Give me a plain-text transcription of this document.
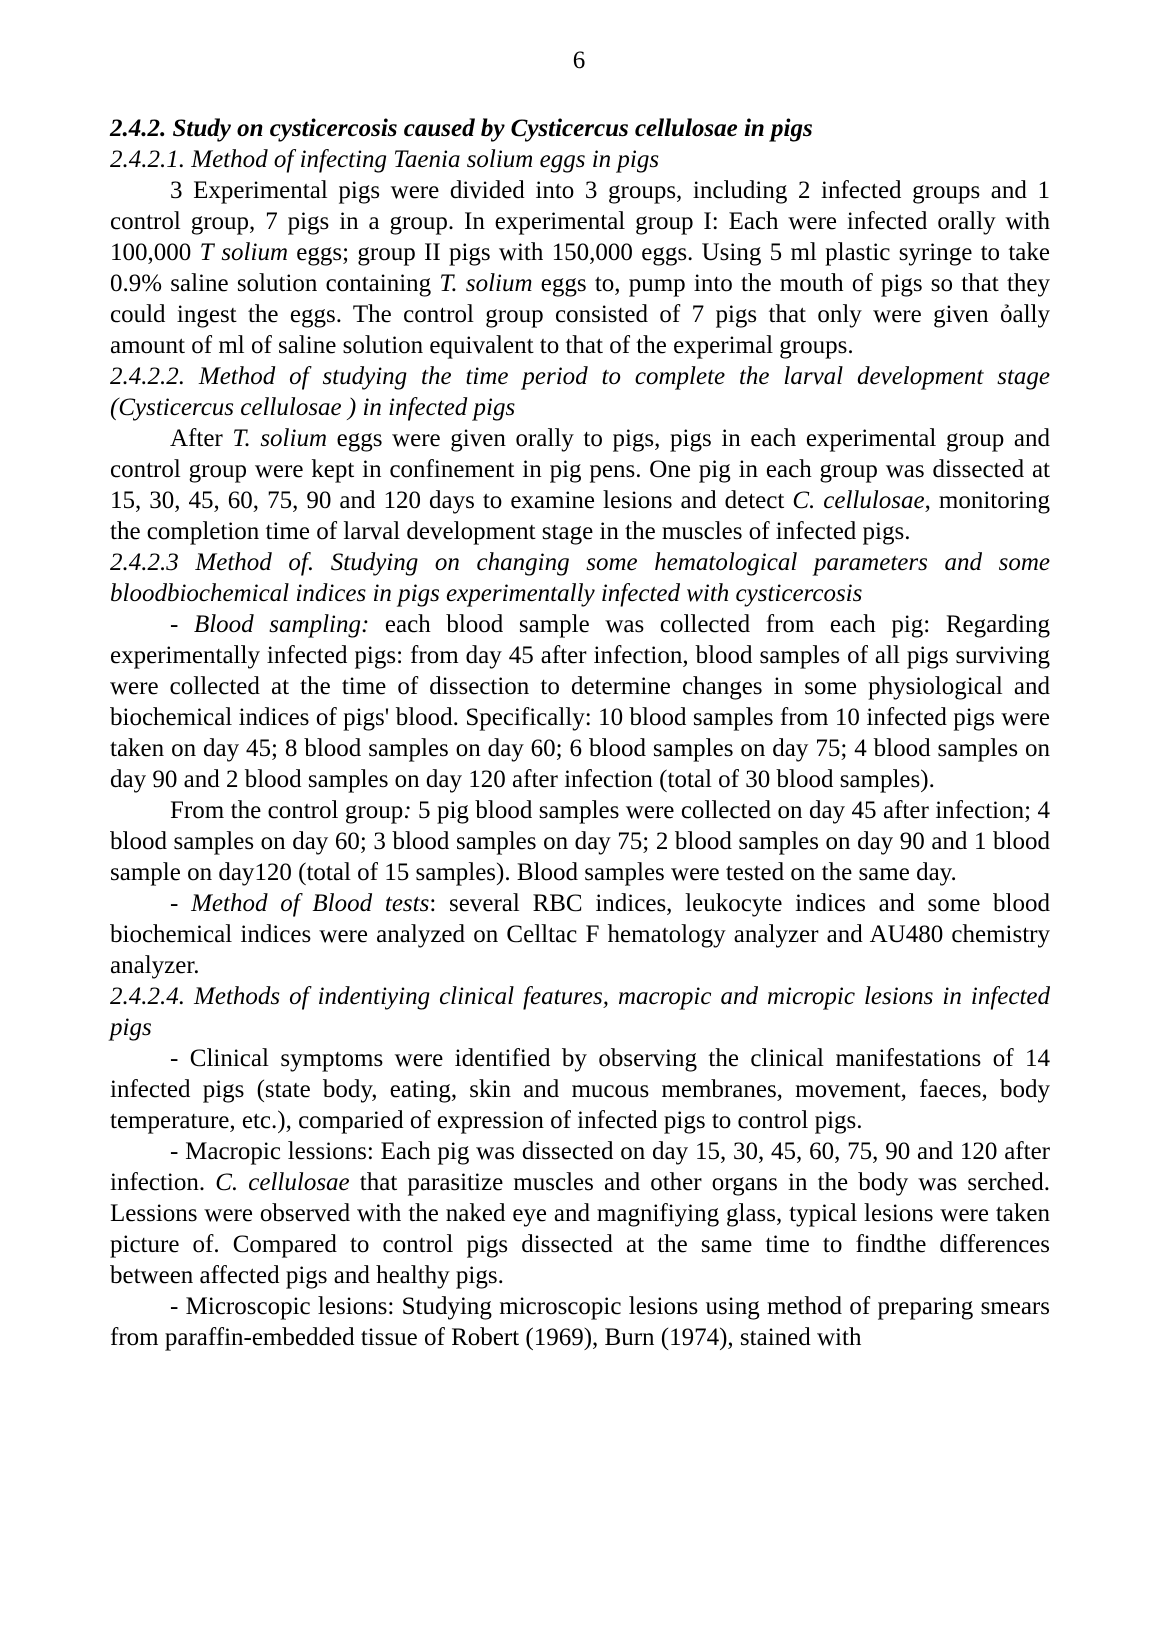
6

2.4.2. Study on cysticercosis caused by Cysticercus cellulosae in pigs

2.4.2.1. Method of infecting Taenia solium eggs in pigs

3 Experimental pigs were divided into 3 groups, including 2 infected groups and 1 control group, 7 pigs in a group. In experimental group I: Each were infected orally with 100,000 T solium eggs; group II pigs with 150,000 eggs. Using 5 ml plastic syringe to take 0.9% saline solution containing T. solium eggs to, pump into the mouth of pigs so that they could ingest the eggs. The control group consisted of 7 pigs that only were given ỏally amount of ml of saline solution equivalent to that of the experimal groups.

2.4.2.2. Method of studying the time period to complete the larval development stage (Cysticercus cellulosae ) in infected pigs

After T. solium eggs were given orally to pigs, pigs in each experimental group and control group were kept in confinement in pig pens. One pig in each group was dissected at 15, 30, 45, 60, 75, 90 and 120 days to examine lesions and detect C. cellulosae, monitoring the completion time of larval development stage in the muscles of infected pigs.

2.4.2.3 Method of. Studying on changing some hematological parameters and some bloodbiochemical indices in pigs experimentally infected with cysticercosis

- Blood sampling: each blood sample was collected from each pig: Regarding experimentally infected pigs: from day 45 after infection, blood samples of all pigs surviving were collected at the time of dissection to determine changes in some physiological and biochemical indices of pigs' blood. Specifically: 10 blood samples from 10 infected pigs were taken on day 45; 8 blood samples on day 60; 6 blood samples on day 75; 4 blood samples on day 90 and 2 blood samples on day 120 after infection (total of 30 blood samples).

From the control group: 5 pig blood samples were collected on day 45 after infection; 4 blood samples on day 60; 3 blood samples on day 75; 2 blood samples on day 90 and 1 blood sample on day120 (total of 15 samples). Blood samples were tested on the same day.

- Method of Blood tests: several RBC indices, leukocyte indices and some blood biochemical indices were analyzed on Celltac F hematology analyzer and AU480 chemistry analyzer.

2.4.2.4. Methods of indentiying clinical features, macropic and micropic lesions in infected pigs

- Clinical symptoms were identified by observing the clinical manifestations of 14 infected pigs (state body, eating, skin and mucous membranes, movement, faeces, body temperature, etc.), comparied of expression of infected pigs to control pigs.

- Macropic lessions: Each pig was dissected on day 15, 30, 45, 60, 75, 90 and 120 after infection. C. cellulosae that parasitize muscles and other organs in the body was serched. Lessions were observed with the naked eye and magnifiying glass, typical lesions were taken picture of. Compared to control pigs dissected at the same time to findthe differences between affected pigs and healthy pigs.

- Microscopic lesions: Studying microscopic lesions using method of preparing smears from paraffin-embedded tissue of Robert (1969), Burn (1974), stained with
